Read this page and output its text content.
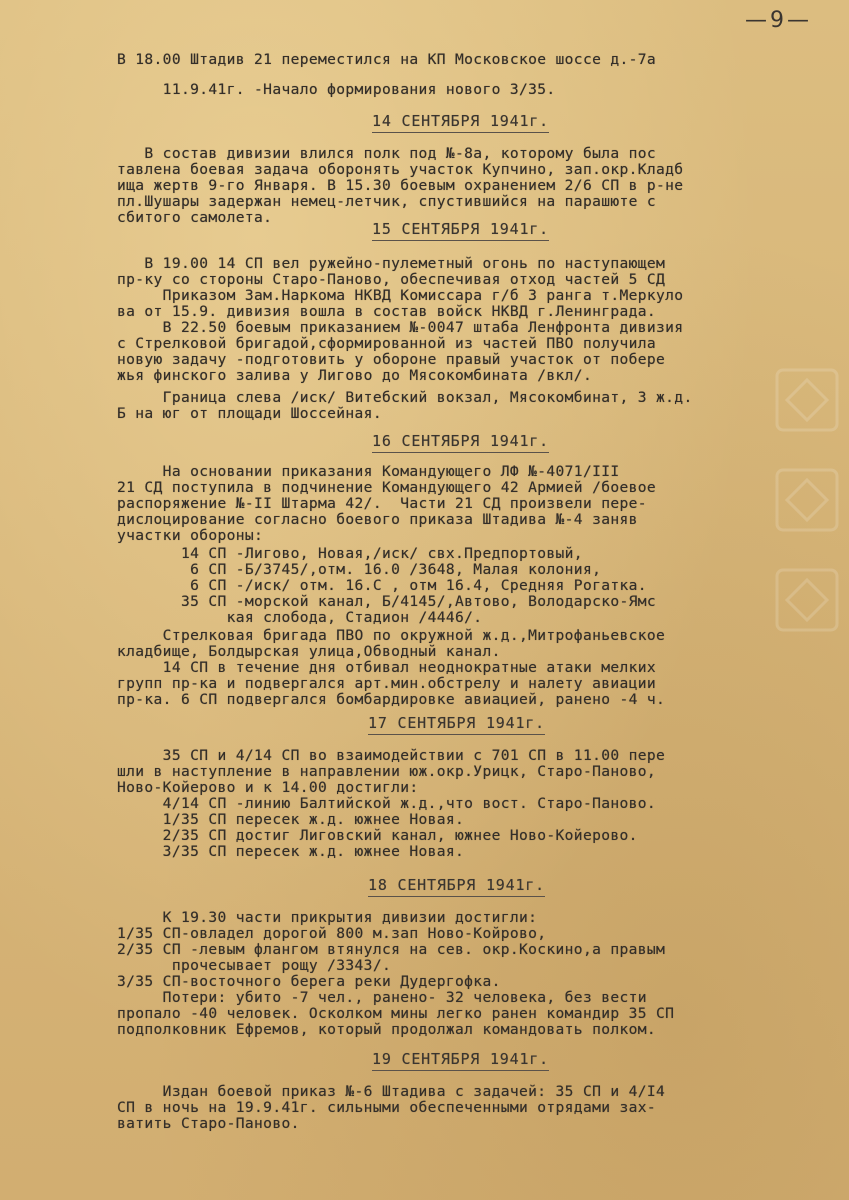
— 9 —
В 18.00 Штадив 21 переместился на КП Московское шоссе д.-7а
11.9.41г. -Начало формирования нового 3/35.
14 СЕНТЯБРЯ 1941г.
В состав дивизии влился полк под №-8а, которому была пос
тавлена боевая задача оборонять участок Купчино, зап.окр.Кладб
ища жертв 9-го Января. В 15.30 боевым охранением 2/6 СП в р-не
пл.Шушары задержан немец-летчик, спустившийся на парашюте с
сбитого самолета.
15 СЕНТЯБРЯ 1941г.
В 19.00 14 СП вел ружейно-пулеметный огонь по наступающем
пр-ку со стороны Старо-Паново, обеспечивая отход частей 5 СД
Приказом Зам.Наркома НКВД Комиссара г/б 3 ранга т.Меркуло
ва от 15.9. дивизия вошла в состав войск НКВД г.Ленинграда.
В 22.50 боевым приказанием №-0047 штаба Ленфронта дивизия
с Стрелковой бригадой,сформированной из частей ПВО получила
новую задачу -подготовить у обороне правый участок от побере
жья финского залива у Лигово до Мясокомбината /вкл/.
Граница слева /иск/ Витебский вокзал, Мясокомбинат, 3 ж.д.
Б на юг от площади Шоссейная.
16 СЕНТЯБРЯ 1941г.
На основании приказания Командующего ЛФ №-4071/III
21 СД поступила в подчинение Командующего 42 Армией /боевое
распоряжение №-II Штарма 42/.  Части 21 СД произвели пере-
дислоцирование согласно боевого приказа Штадива №-4 заняв
участки обороны:
14 СП -Лигово, Новая,/иск/ свх.Предпортовый,
6 СП -Б/3745/,отм. 16.0 /3648, Малая колония,
6 СП -/иск/ отм. 16.С , отм 16.4, Средняя Рогатка.
35 СП -морской канал, Б/4145/,Автово, Володарско-Ямс
кая слобода, Стадион /4446/.
Стрелковая бригада ПВО по окружной ж.д.,Митрофаньевское
кладбище, Болдырская улица,Обводный канал.
14 СП в течение дня отбивал неоднократные атаки мелких
групп пр-ка и подвергался арт.мин.обстрелу и налету авиации
пр-ка. 6 СП подвергался бомбардировке авиацией, ранено -4 ч.
17 СЕНТЯБРЯ 1941г.
35 СП и 4/14 СП во взаимодействии с 701 СП в 11.00 пере
шли в наступление в направлении юж.окр.Урицк, Старо-Паново,
Ново-Койерово и к 14.00 достигли:
4/14 СП -линию Балтийской ж.д.,что вост. Старо-Паново.
1/35 СП пересек ж.д. южнее Новая.
2/35 СП достиг Лиговский канал, южнее Ново-Койерово.
3/35 СП пересек ж.д. южнее Новая.
18 СЕНТЯБРЯ 1941г.
К 19.30 части прикрытия дивизии достигли:
1/35 СП-овладел дорогой 800 м.зап Ново-Койрово,
2/35 СП -левым флангом втянулся на сев. окр.Коскино,а правым
прочесывает рощу /3343/.
3/35 СП-восточного берега реки Дудергофка.
Потери: убито -7 чел., ранено- 32 человека, без вести
пропало -40 человек. Осколком мины легко ранен командир 35 СП
подполковник Ефремов, который продолжал командовать полком.
19 СЕНТЯБРЯ 1941г.
Издан боевой приказ №-6 Штадива с задачей: 35 СП и 4/I4
СП в ночь на 19.9.41г. сильными обеспеченными отрядами зах-
ватить Старо-Паново.
